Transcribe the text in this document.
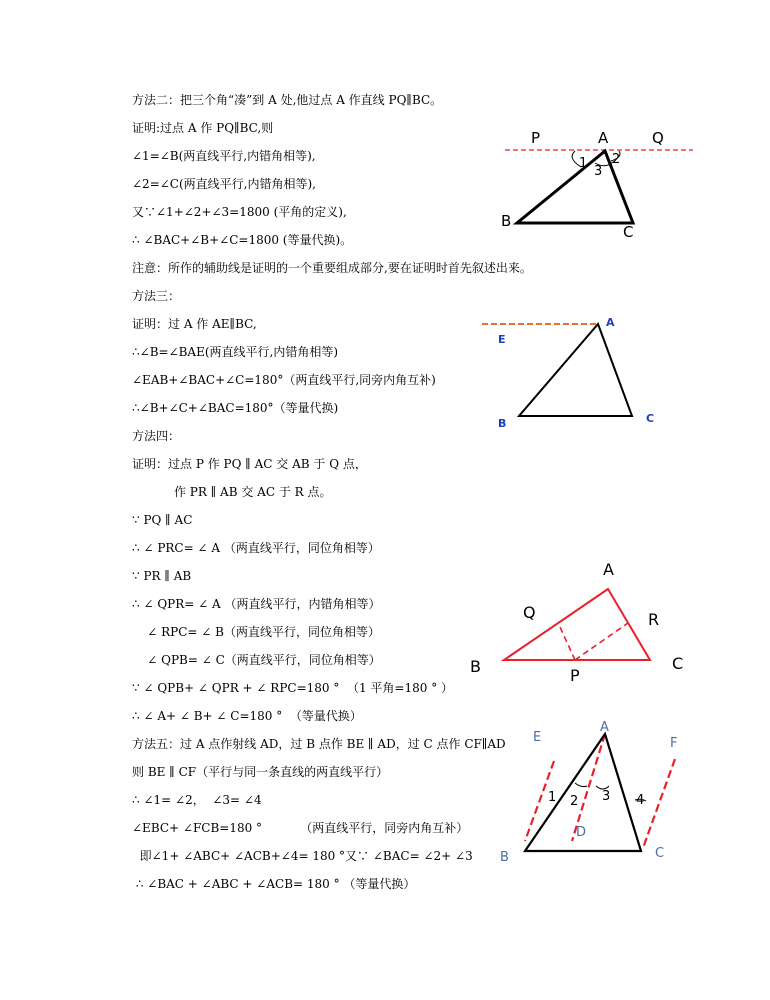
方法二：把三个角“凑”到 A 处,他过点 A 作直线 PQ∥BC。
证明:过点 A 作 PQ∥BC,则
∠1=∠B(两直线平行,内错角相等),
∠2=∠C(两直线平行,内错角相等),
又∵∠1+∠2+∠3=1800 (平角的定义),
∴ ∠BAC+∠B+∠C=1800 (等量代换)。
注意：所作的辅助线是证明的一个重要组成部分,要在证明时首先叙述出来。
方法三：
证明：过 A 作 AE∥BC,
∴∠B=∠BAE(两直线平行,内错角相等)
∠EAB+∠BAC+∠C=180°（两直线平行,同旁内角互补)
∴∠B+∠C+∠BAC=180°（等量代换)
方法四：
证明：过点 P 作 PQ ∥ AC 交 AB 于 Q 点，
作 PR ∥ AB 交 AC 于 R 点。
∵ PQ ∥ AC
∴ ∠ PRC= ∠ A （两直线平行，同位角相等）
∵ PR ∥ AB
∴ ∠ QPR= ∠ A （两直线平行，内错角相等）
∠ RPC= ∠ B（两直线平行，同位角相等）
∠ QPB= ∠ C（两直线平行，同位角相等）
∵ ∠ QPB+ ∠ QPR + ∠ RPC=180 °  （1 平角=180 ° ）
∴ ∠ A+ ∠ B+ ∠ C=180 °  （等量代换）
方法五：过 A 点作射线 AD，过 B 点作 BE ∥ AD，过 C 点作 CF∥AD
则 BE ∥ CF（平行与同一条直线的两直线平行）
∴ ∠1= ∠2，  ∠3= ∠4
∠EBC+ ∠FCB=180 °          （两直线平行，同旁内角互补）
即∠1+ ∠ABC+ ∠ACB+∠4= 180 °又∵ ∠BAC= ∠2+ ∠3
∴ ∠BAC + ∠ABC + ∠ACB= 180 ° （等量代换）
P	A	Q
B
C
1 2
3
A
E
B	C
A
Q	R
B	P
C
A
E	F
B	C
D
1 2 3 4
